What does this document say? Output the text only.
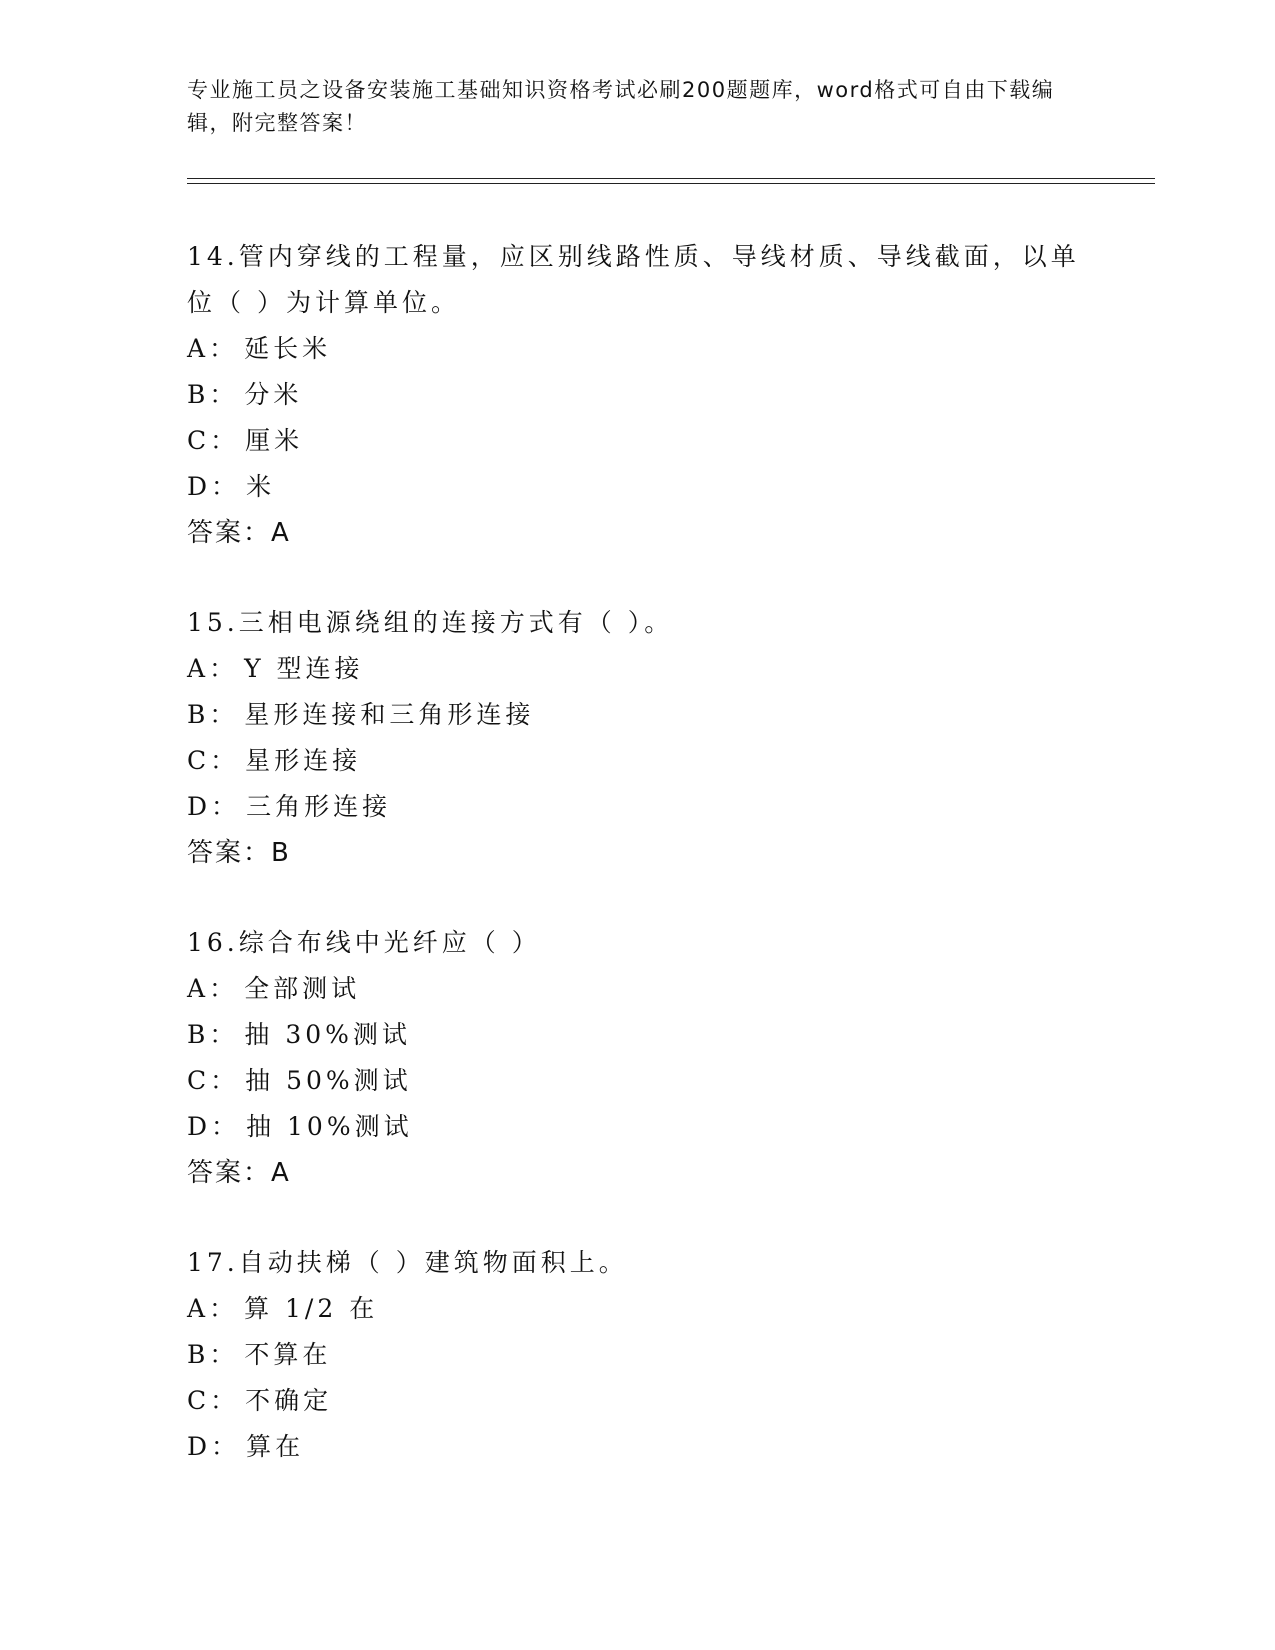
专业施工员之设备安装施工基础知识资格考试必刷200题题库，word格式可自由下载编辑，附完整答案！

14.管内穿线的工程量，应区别线路性质、导线材质、导线截面，以单位（ ）为计算单位。

A： 延长米

B： 分米

C： 厘米

D： 米

答案：A

15.三相电源绕组的连接方式有（ ）。

A： Y 型连接

B： 星形连接和三角形连接

C： 星形连接

D： 三角形连接

答案：B

16.综合布线中光纤应（ ）

A： 全部测试

B： 抽 30%测试

C： 抽 50%测试

D： 抽 10%测试

答案：A

17.自动扶梯（ ）建筑物面积上。

A： 算 1/2 在

B： 不算在

C： 不确定

D： 算在
